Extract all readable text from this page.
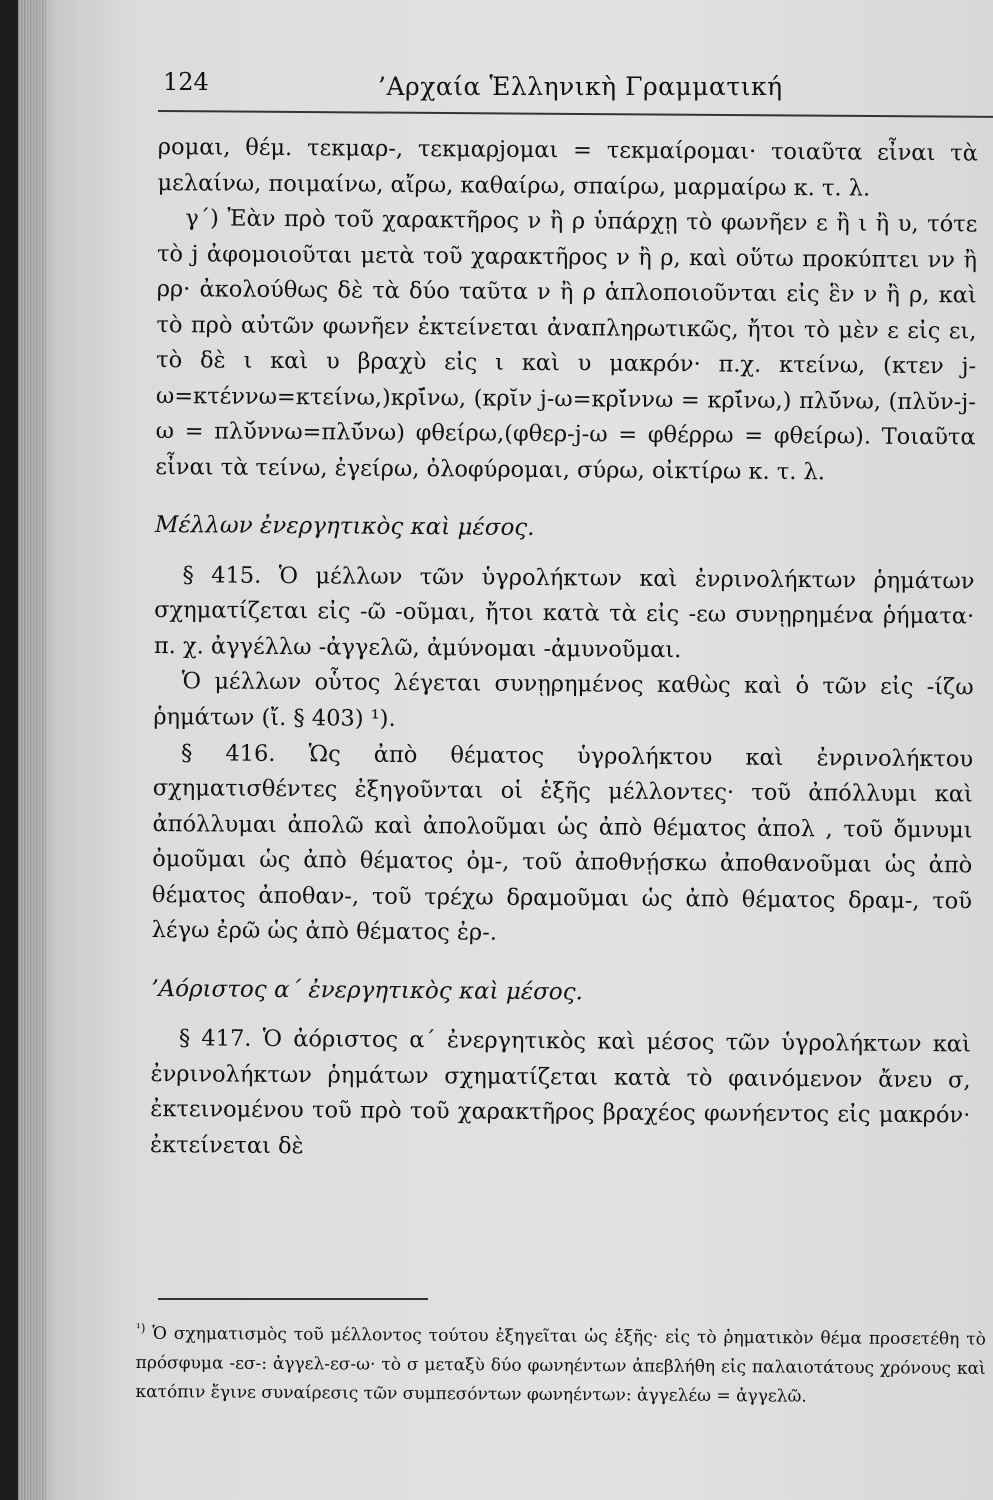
124	’Αρχαία Ἑλληνικὴ Γραμματική

ρομαι, θέμ. τεκμαρ-, τεκμαρjομαι = τεκμαίρομαι· τοιαῦτα εἶναι τὰ μελαίνω, ποιμαίνω, αἴρω, καθαίρω, σπαίρω, μαρμαίρω κ. τ. λ.

γ΄) Ἐὰν πρὸ τοῦ χαρακτῆρος ν ἢ ρ ὑπάρχῃ τὸ φωνῆεν ε ἢ ι ἢ υ, τότε τὸ j ἀφομοιοῦται μετὰ τοῦ χαρακτῆρος ν ἢ ρ, καὶ οὕτω προκύπτει νν ἢ ρρ· ἀκολούθως δὲ τὰ δύο ταῦτα ν ἢ ρ ἁπλοποιοῦνται εἰς ἓν ν ἢ ρ, καὶ τὸ πρὸ αὐτῶν φωνῆεν ἐκτείνεται ἀναπληρωτικῶς, ἤτοι τὸ μὲν ε εἰς ει, τὸ δὲ ι καὶ υ βραχὺ εἰς ι καὶ υ μακρόν· π.χ. κτείνω, (κτεν j-ω=κτέννω=κτείνω,)κρῑ́νω, (κρῐν j-ω=κρῐ́ννω = κρῑ́νω,) πλῡ́νω, (πλῠν-j-ω = πλῠ́ννω=πλῡ́νω) φθείρω,(φθερ-j-ω = φθέρρω = φθείρω). Τοιαῦτα εἶναι τὰ τείνω, ἐγείρω, ὀλοφύρομαι, σύρω, οἰκτίρω κ. τ. λ.

Μέλλων ἐνεργητικὸς καὶ μέσος.

§ 415. Ὁ μέλλων τῶν ὑγρολήκτων καὶ ἐνρινολήκτων ῥημάτων σχηματίζεται εἰς -ῶ -οῦμαι, ἤτοι κατὰ τὰ εἰς -εω συνῃρημένα ῥήματα· π. χ. ἀγγέλλω -ἀγγελῶ, ἀμύνομαι -ἀμυνοῦμαι.

Ὁ μέλλων οὗτος λέγεται συνῃρημένος καθὼς καὶ ὁ τῶν εἰς -ίζω ῥημάτων (ἴ. § 403) ¹).

§ 416. Ὡς ἀπὸ θέματος ὑγρολήκτου καὶ ἐνρινολήκτου σχηματισθέντες ἐξηγοῦνται οἱ ἑξῆς μέλλοντες· τοῦ ἀπόλλυμι καὶ ἀπόλλυμαι ἀπολῶ καὶ ἀπολοῦμαι ὡς ἀπὸ θέματος ἀπολ , τοῦ ὄμνυμι ὀμοῦμαι ὡς ἀπὸ θέματος ὀμ-, τοῦ ἀποθνῄσκω ἀποθανοῦμαι ὡς ἀπὸ θέματος ἀποθαν-, τοῦ τρέχω δραμοῦμαι ὡς ἀπὸ θέματος δραμ-, τοῦ λέγω ἐρῶ ὡς ἀπὸ θέματος ἐρ-.

’Αόριστος α΄ ἐνεργητικὸς καὶ μέσος.

§ 417. Ὁ ἀόριστος α΄ ἐνεργητικὸς καὶ μέσος τῶν ὑγρολήκτων καὶ ἐνρινολήκτων ῥημάτων σχηματίζεται κατὰ τὸ φαινόμενον ἄνευ σ, ἐκτεινομένου τοῦ πρὸ τοῦ χαρακτῆρος βραχέος φωνήεντος εἰς μακρόν· ἐκτείνεται δὲ

$^{^1)}$ Ὁ σχηματισμὸς τοῦ μέλλοντος τούτου ἐξηγεῖται ὡς ἑξῆς· εἰς τὸ ῥηματικὸν θέμα προσετέθη τὸ πρόσφυμα -εσ-: ἀγγελ-εσ-ω· τὸ σ μεταξὺ δύο φωνηέντων ἀπεβλήθη εἰς παλαιοτάτους χρόνους καὶ κατόπιν ἔγινε συναίρεσις τῶν συμπεσόντων φωνηέντων: ἀγγελέω = ἀγγελῶ.
